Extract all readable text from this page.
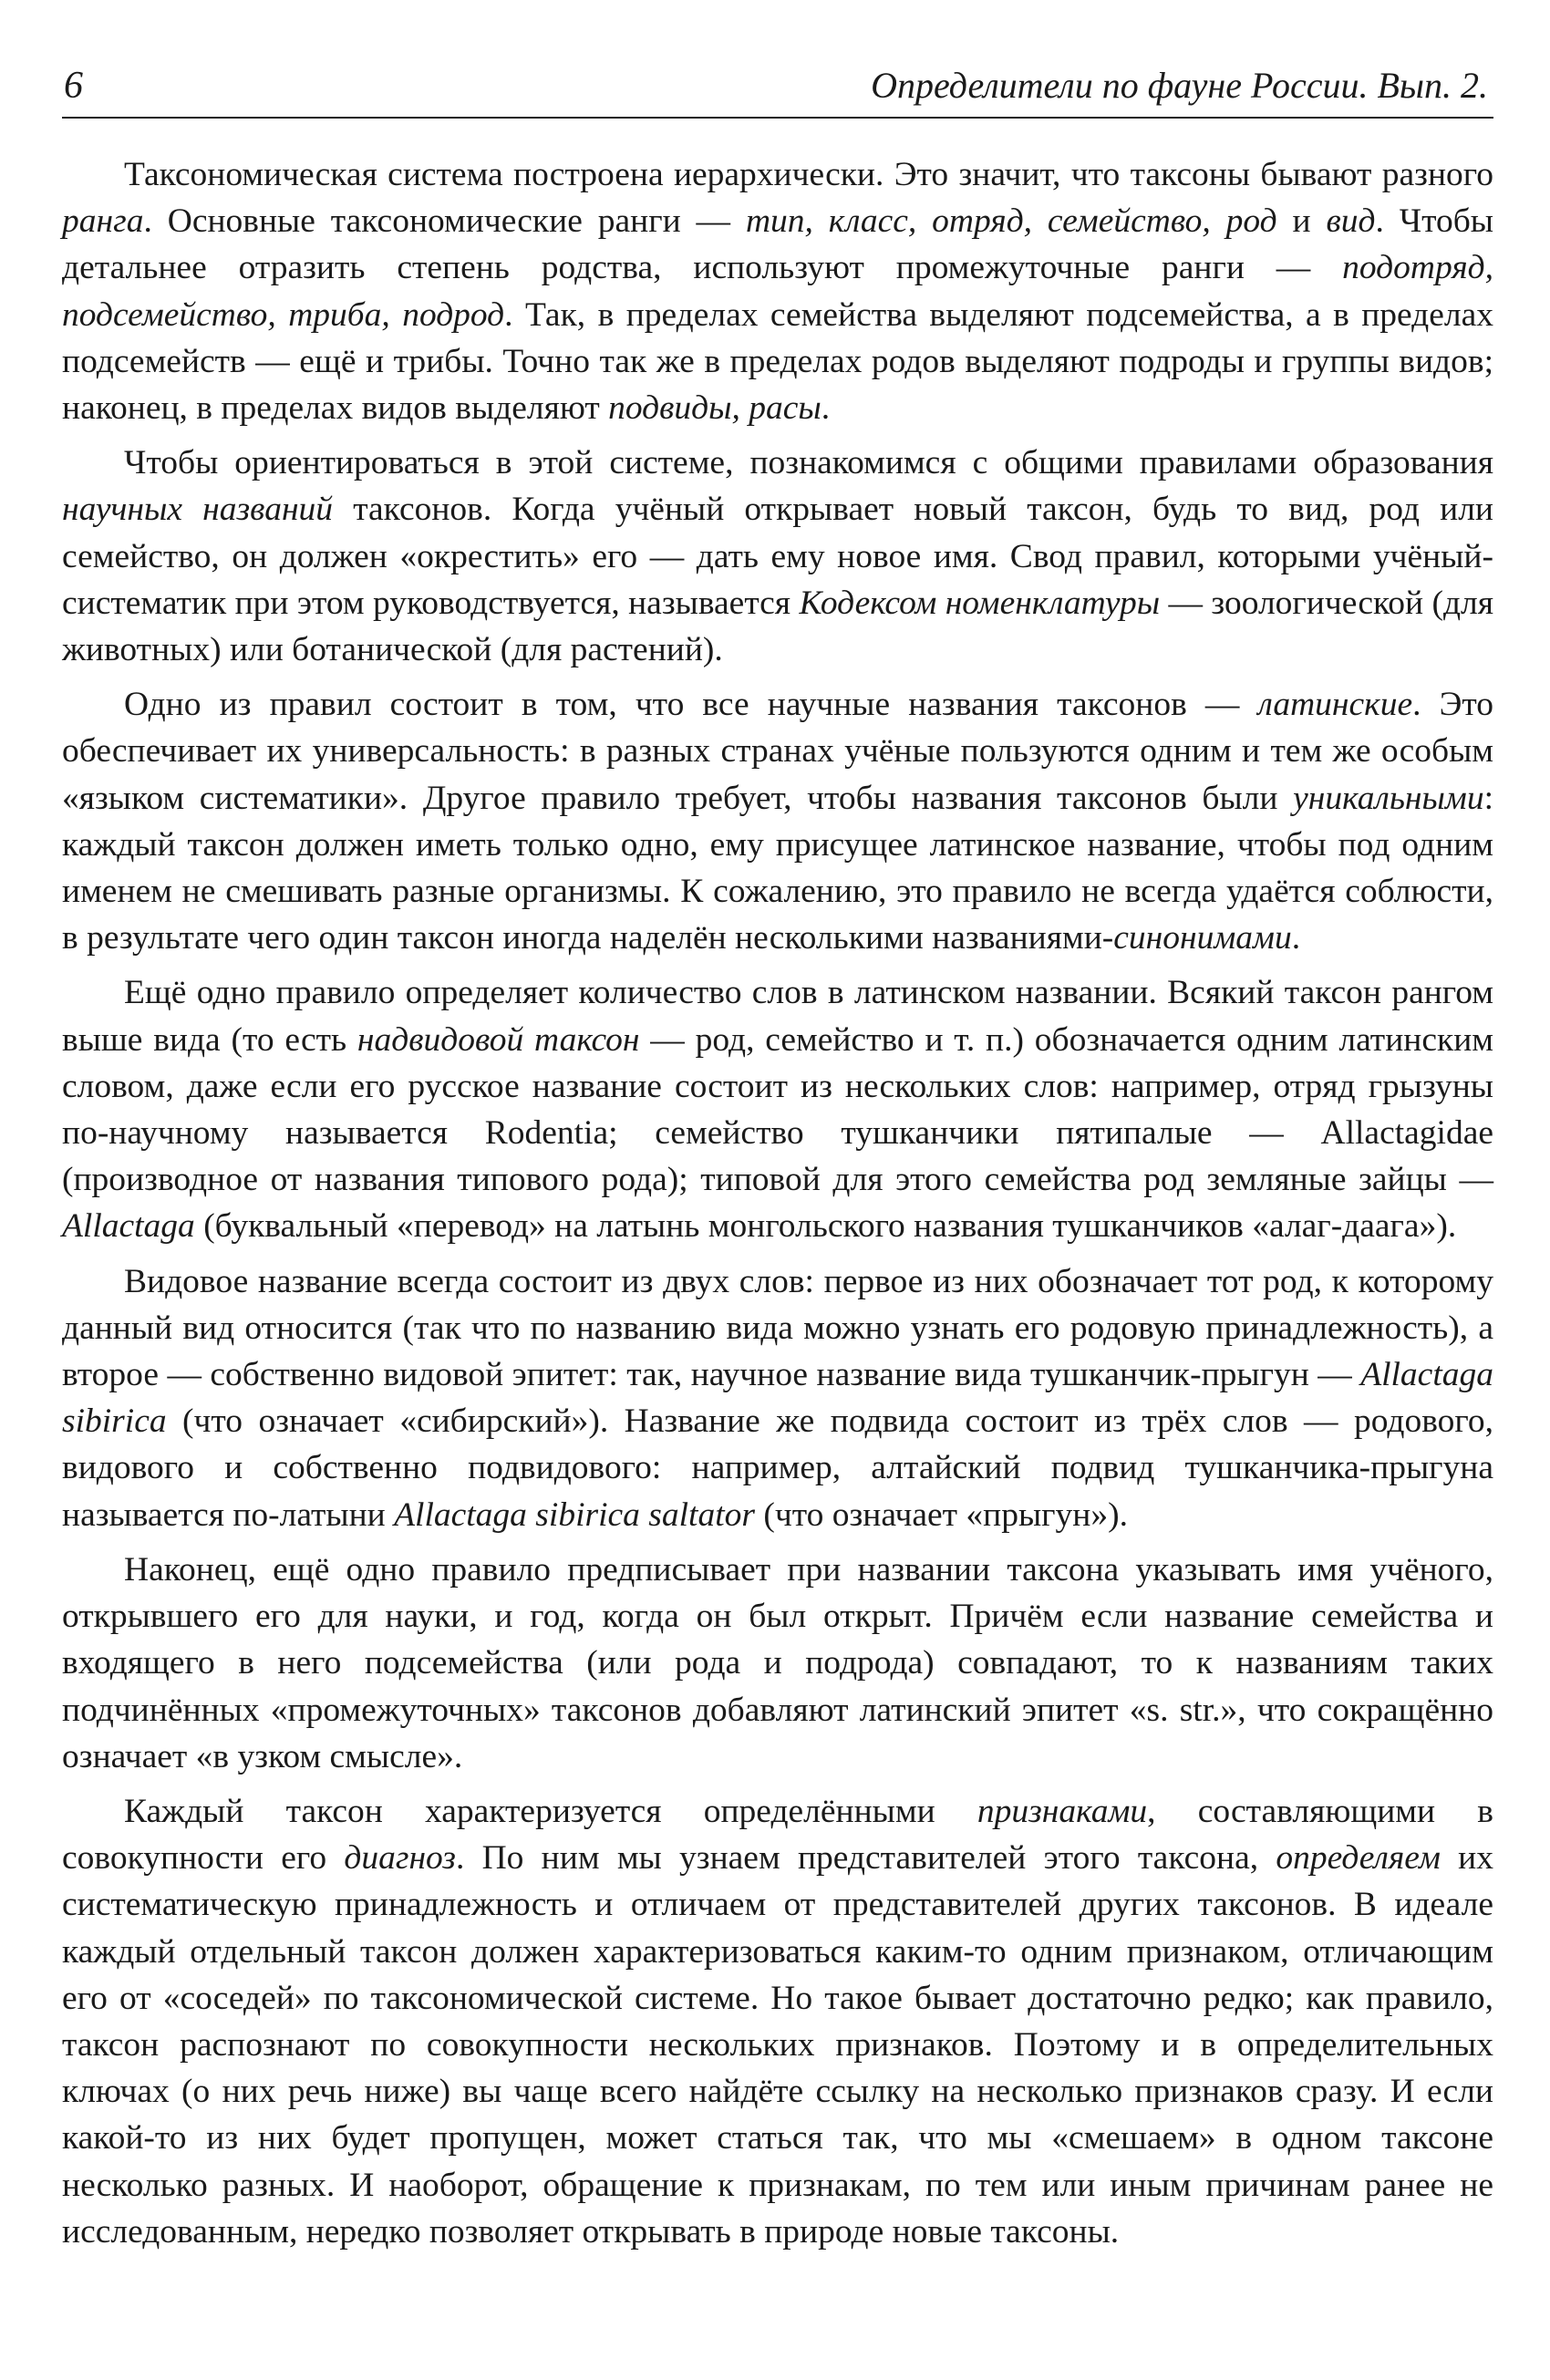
6	Определители по фауне России. Вып. 2.

Таксономическая система построена иерархически. Это значит, что таксоны бывают разного ранга. Основные таксономические ранги — тип, класс, отряд, семейство, род и вид. Чтобы детальнее отразить степень родства, используют промежуточные ранги — подотряд, подсемейство, триба, подрод. Так, в пределах семейства выделяют подсемейства, а в пределах подсемейств — ещё и трибы. Точно так же в пределах родов выделяют подроды и группы видов; наконец, в пределах видов выделяют подвиды, расы.

Чтобы ориентироваться в этой системе, познакомимся с общими правилами образования научных названий таксонов. Когда учёный открывает новый таксон, будь то вид, род или семейство, он должен «окрестить» его — дать ему новое имя. Свод правил, которыми учёный-систематик при этом руководствуется, называется Кодексом номенклатуры — зоологической (для животных) или ботанической (для растений).

Одно из правил состоит в том, что все научные названия таксонов — латинские. Это обеспечивает их универсальность: в разных странах учёные пользуются одним и тем же особым «языком систематики». Другое правило требует, чтобы названия таксонов были уникальными: каждый таксон должен иметь только одно, ему присущее латинское название, чтобы под одним именем не смешивать разные организмы. К сожалению, это правило не всегда удаётся соблюсти, в результате чего один таксон иногда наделён несколькими названиями-синонимами.

Ещё одно правило определяет количество слов в латинском названии. Всякий таксон рангом выше вида (то есть надвидовой таксон — род, семейство и т. п.) обозначается одним латинским словом, даже если его русское название состоит из нескольких слов: например, отряд грызуны по-научному называется Rodentia; семейство тушканчики пятипалые — Allactagidae (производное от названия типового рода); типовой для этого семейства род земляные зайцы — Allactaga (буквальный «перевод» на латынь монгольского названия тушканчиков «алаг-даага»).

Видовое название всегда состоит из двух слов: первое из них обозначает тот род, к которому данный вид относится (так что по названию вида можно узнать его родовую принадлежность), а второе — собственно видовой эпитет: так, научное название вида тушканчик-прыгун — Allactaga sibirica (что означает «сибирский»). Название же подвида состоит из трёх слов — родового, видового и собственно подвидового: например, алтайский подвид тушканчика-прыгуна называется по-латыни Allactaga sibirica saltator (что означает «прыгун»).

Наконец, ещё одно правило предписывает при названии таксона указывать имя учёного, открывшего его для науки, и год, когда он был открыт. Причём если название семейства и входящего в него подсемейства (или рода и подрода) совпадают, то к названиям таких подчинённых «промежуточных» таксонов добавляют латинский эпитет «s. str.», что сокращённо означает «в узком смысле».

Каждый таксон характеризуется определёнными признаками, составляющими в совокупности его диагноз. По ним мы узнаем представителей этого таксона, определяем их систематическую принадлежность и отличаем от представителей других таксонов. В идеале каждый отдельный таксон должен характеризоваться каким-то одним признаком, отличающим его от «соседей» по таксономической системе. Но такое бывает достаточно редко; как правило, таксон распознают по совокупности нескольких признаков. Поэтому и в определительных ключах (о них речь ниже) вы чаще всего найдёте ссылку на несколько признаков сразу. И если какой-то из них будет пропущен, может статься так, что мы «смешаем» в одном таксоне несколько разных. И наоборот, обращение к признакам, по тем или иным причинам ранее не исследованным, нередко позволяет открывать в природе новые таксоны.
